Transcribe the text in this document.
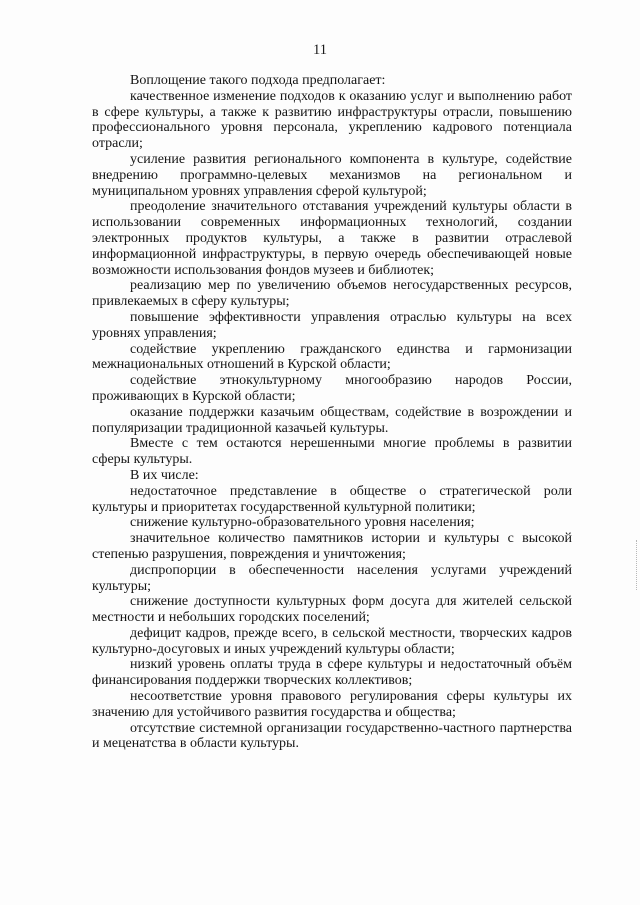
11

Воплощение такого подхода предполагает:

качественное изменение подходов к оказанию услуг и выполнению работ в сфере культуры, а также к развитию инфраструктуры отрасли, повышению профессионального уровня персонала, укреплению кадрового потенциала отрасли;

усиление развития регионального компонента в культуре, содействие внедрению программно-целевых механизмов на региональном и муниципальном уровнях управления сферой культурой;

преодоление значительного отставания учреждений культуры области в использовании современных информационных технологий, создании электронных продуктов культуры, а также в развитии отраслевой информационной инфраструктуры, в первую очередь обеспечивающей новые возможности использования фондов музеев и библиотек;

реализацию мер по увеличению объемов негосударственных ресурсов, привлекаемых в сферу культуры;

повышение эффективности управления отраслью культуры на всех уровнях управления;

содействие укреплению гражданского единства и гармонизации межнациональных отношений в Курской области;

содействие этнокультурному многообразию народов России, проживающих в Курской области;

оказание поддержки казачьим обществам, содействие в возрождении и популяризации традиционной казачьей культуры.

Вместе с тем остаются нерешенными многие проблемы в развитии сферы культуры.

В их числе:

недостаточное представление в обществе о стратегической роли культуры и приоритетах государственной культурной политики;

снижение культурно-образовательного уровня населения;

значительное количество памятников истории и культуры с высокой степенью разрушения, повреждения и уничтожения;

диспропорции в обеспеченности населения услугами учреждений культуры;

снижение доступности культурных форм досуга для жителей сельской местности и небольших городских поселений;

дефицит кадров, прежде всего, в сельской местности, творческих кадров культурно-досуговых и иных учреждений культуры области;

низкий уровень оплаты труда в сфере культуры и недостаточный объём финансирования поддержки творческих коллективов;

несоответствие уровня правового регулирования сферы культуры их значению для устойчивого развития государства и общества;

отсутствие системной организации государственно-частного партнерства и меценатства в области культуры.
